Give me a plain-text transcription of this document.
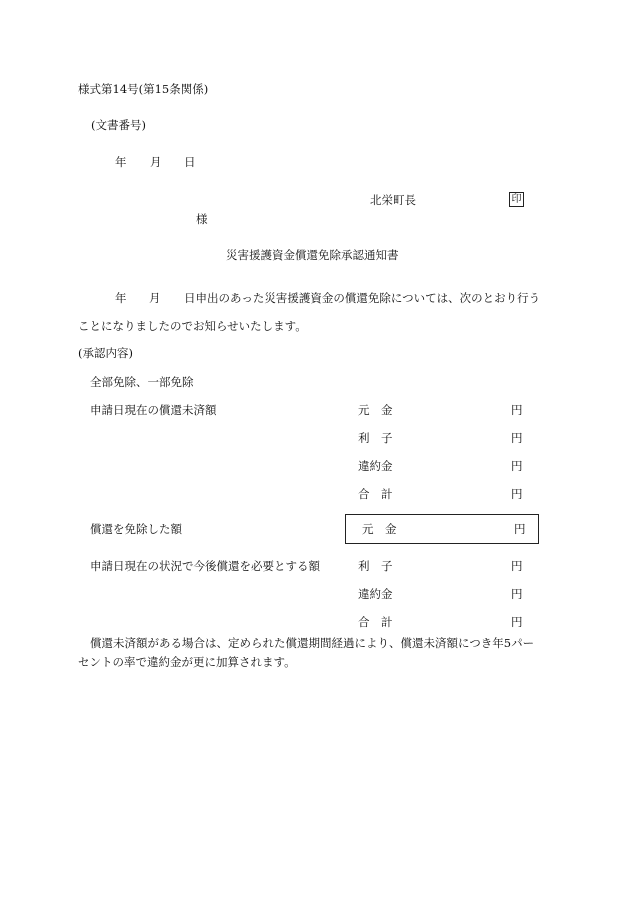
様式第14号(第15条関係)
(文書番号)
年 月 日
北栄町長	印
様
災害援護資金償還免除承認通知書
年 月 日申出のあった災害援護資金の償還免除については、次のとおり行う
ことになりましたのでお知らせいたします。
(承認内容)
全部免除、一部免除
申請日現在の償還未済額	元　金	円
利　子	円
違約金	円
合　計	円
償還を免除した額	元　金	円
申請日現在の状況で今後償還を必要とする額	利　子	円
違約金	円
合　計	円
償還未済額がある場合は、定められた償還期間経過により、償還未済額につき年5パー
セントの率で違約金が更に加算されます。
